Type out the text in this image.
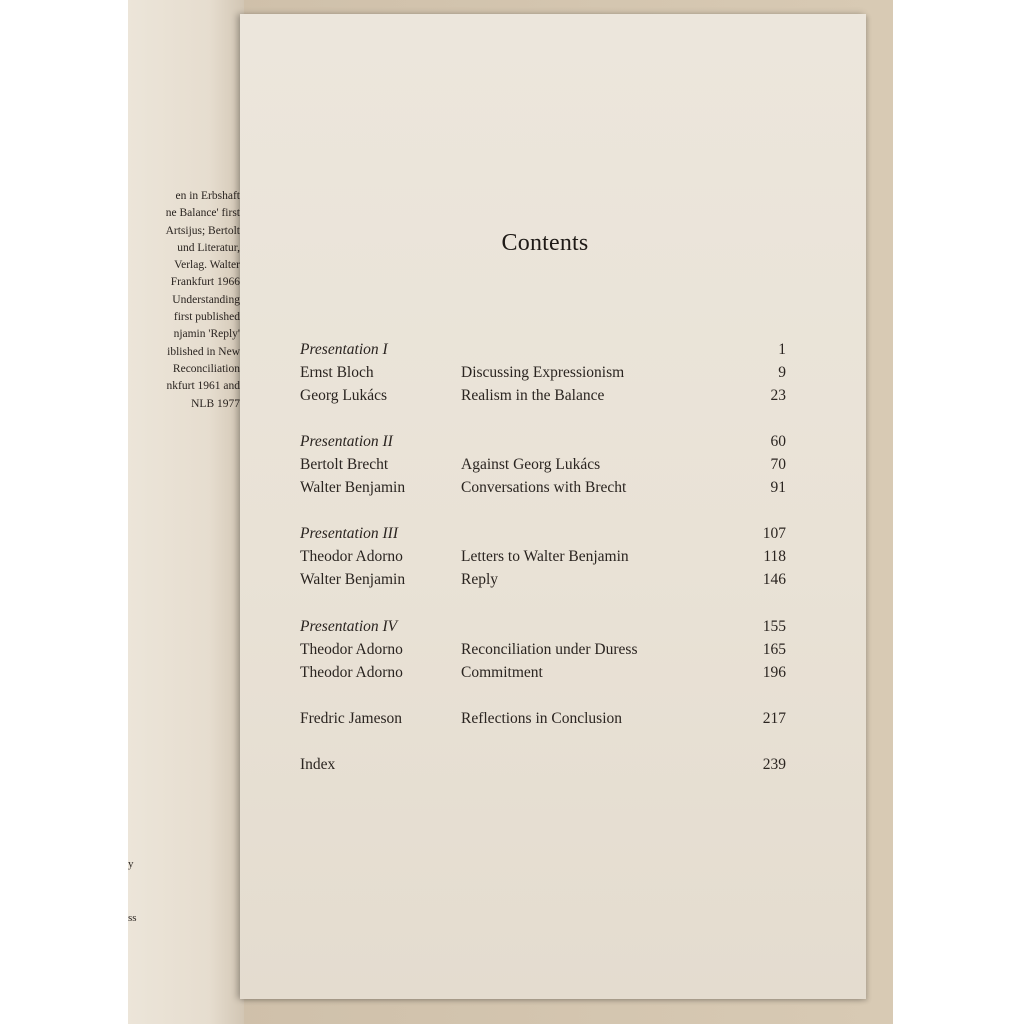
en in Erbshaft
ne Balance' first
Artsijus; Bertolt
und Literatur,
Verlag. Walter
Frankfurt 1966
Understanding
first published
njamin 'Reply'
iblished in New
Reconciliation
nkfurt 1961 and
NLB 1977
y
ss
Contents
Presentation I	1
Ernst Bloch	Discussing Expressionism	9
Georg Lukács	Realism in the Balance	23
Presentation II	60
Bertolt Brecht	Against Georg Lukács	70
Walter Benjamin	Conversations with Brecht	91
Presentation III	107
Theodor Adorno	Letters to Walter Benjamin	118
Walter Benjamin	Reply	146
Presentation IV	155
Theodor Adorno	Reconciliation under Duress	165
Theodor Adorno	Commitment	196
Fredric Jameson	Reflections in Conclusion	217
Index	239
